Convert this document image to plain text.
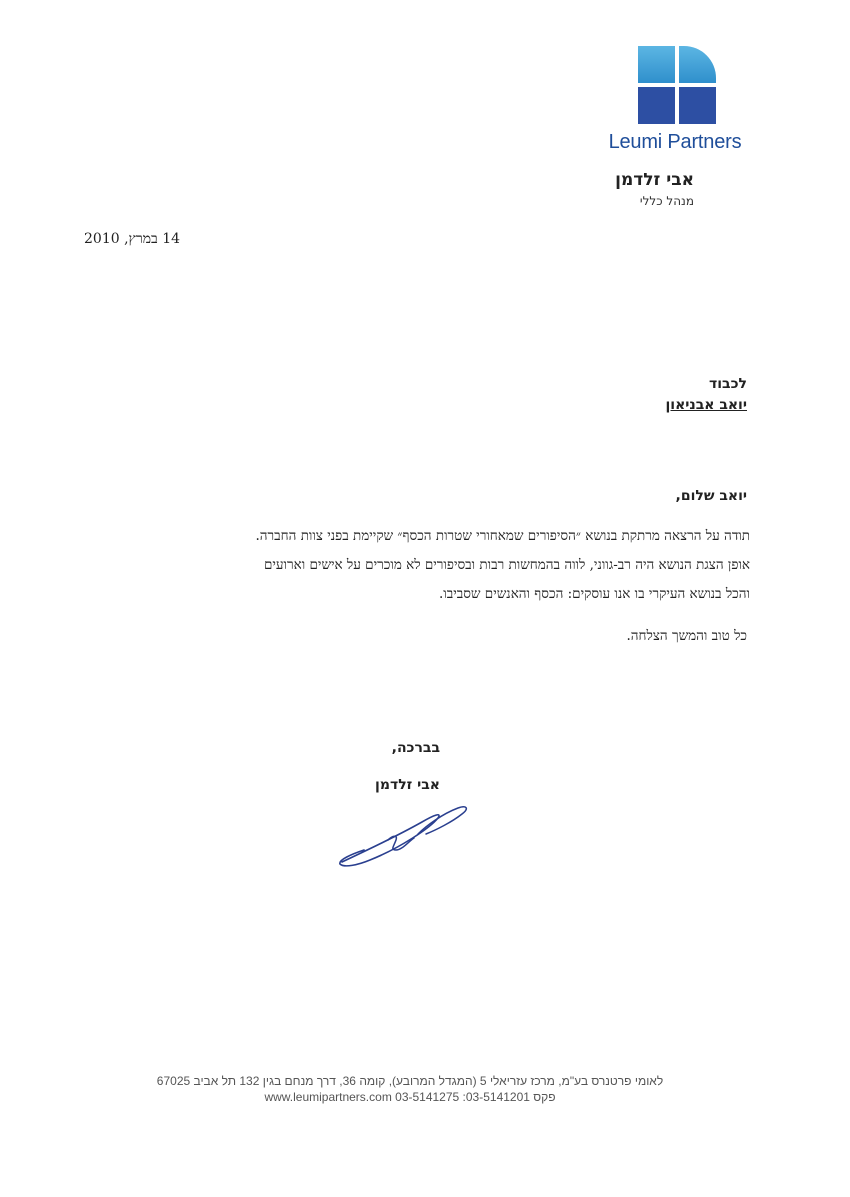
Leumi Partners
אבי זלדמן
מנהל כללי
14 במרץ, 2010
לכבוד
יואב אבניאון
יואב שלום,
תודה על הרצאה מרתקת בנושא ״הסיפורים שמאחורי שטרות הכסף״ שקיימת בפני צוות החברה.
אופן הצגת הנושא היה רב-גווני, לווה בהמחשות רבות ובסיפורים לא מוכרים על אישים וארועים
והכל בנושא העיקרי בו אנו עוסקים: הכסף והאנשים שסביבו.
כל טוב והמשך הצלחה.
בברכה,
אבי זלדמן
לאומי פרטנרס בע"מ, מרכז עזריאלי 5 (המגדל המרובע), קומה 36, דרך מנחם בגין 132 תל אביב 67025
www.leumipartners.com 03-5141275 :פקס 03-5141201
